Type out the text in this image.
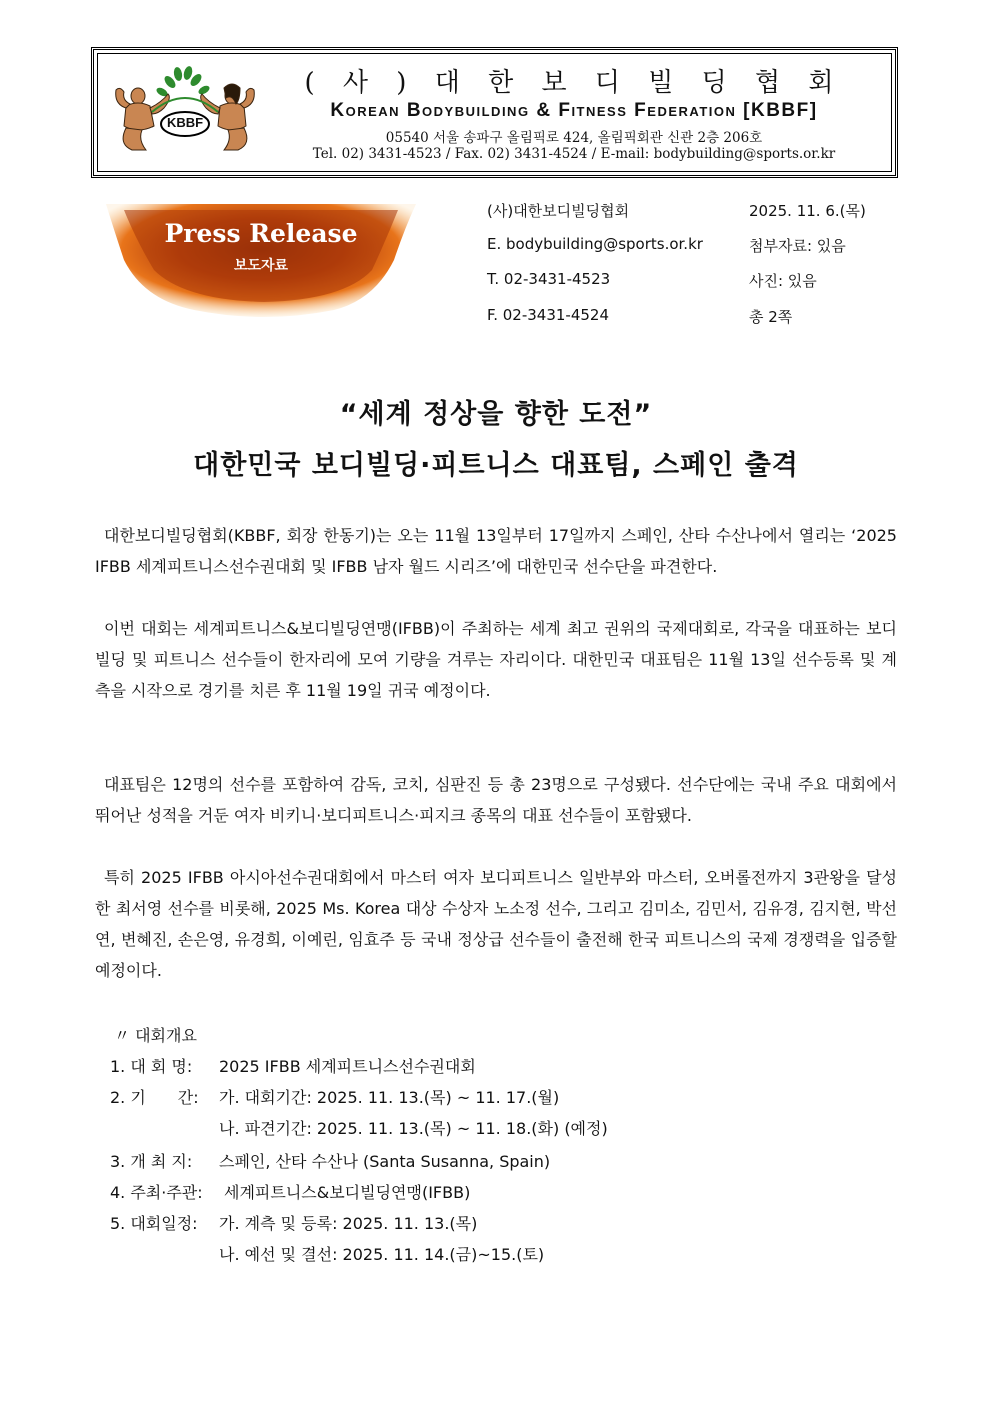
KBBF
( 사 ) 대 한 보 디 빌 딩 협 회
Korean Bodybuilding & Fitness Federation [KBBF]
05540 서울 송파구 올림픽로 424, 올림픽회관 신관 2층 206호
Tel. 02) 3431-4523 / Fax. 02) 3431-4524 / E-mail: bodybuilding@sports.or.kr
Press Release
보도자료
(사)대한보디빌딩협회
E. bodybuilding@sports.or.kr
T. 02-3431-4523
F. 02-3431-4524
2025. 11. 6.(목)
첨부자료: 있음
사진: 있음
총 2쪽
“세계 정상을 향한 도전”
대한민국 보디빌딩·피트니스 대표팀, 스페인 출격
대한보디빌딩협회(KBBF, 회장 한동기)는 오는 11월 13일부터 17일까지 스페인, 산타 수산나에서 열리는 ‘2025 IFBB 세계피트니스선수권대회 및 IFBB 남자 월드 시리즈’에 대한민국 선수단을 파견한다.
이번 대회는 세계피트니스&보디빌딩연맹(IFBB)이 주최하는 세계 최고 권위의 국제대회로, 각국을 대표하는 보디빌딩 및 피트니스 선수들이 한자리에 모여 기량을 겨루는 자리이다. 대한민국 대표팀은 11월 13일 선수등록 및 계측을 시작으로 경기를 치른 후 11월 19일 귀국 예정이다.
대표팀은 12명의 선수를 포함하여 감독, 코치, 심판진 등 총 23명으로 구성됐다. 선수단에는 국내 주요 대회에서 뛰어난 성적을 거둔 여자 비키니·보디피트니스·피지크 종목의 대표 선수들이 포함됐다.
특히 2025 IFBB 아시아선수권대회에서 마스터 여자 보디피트니스 일반부와 마스터, 오버롤전까지 3관왕을 달성한 최서영 선수를 비롯해, 2025 Ms. Korea 대상 수상자 노소정 선수, 그리고 김미소, 김민서, 김유경, 김지현, 박선연, 변혜진, 손은영, 유경희, 이예린, 임효주 등 국내 정상급 선수들이 출전해 한국 피트니스의 국제 경쟁력을 입증할 예정이다.
〃 대회개요
1. 대 회 명: 2025 IFBB 세계피트니스선수권대회
2. 기　　간: 가. 대회기간: 2025. 11. 13.(목) ~ 11. 17.(월)
나. 파견기간: 2025. 11. 13.(목) ~ 11. 18.(화) (예정)
3. 개 최 지: 스페인, 산타 수산나 (Santa Susanna, Spain)
4. 주최·주관: 세계피트니스&보디빌딩연맹(IFBB)
5. 대회일정: 가. 계측 및 등록: 2025. 11. 13.(목)
나. 예선 및 결선: 2025. 11. 14.(금)~15.(토)
